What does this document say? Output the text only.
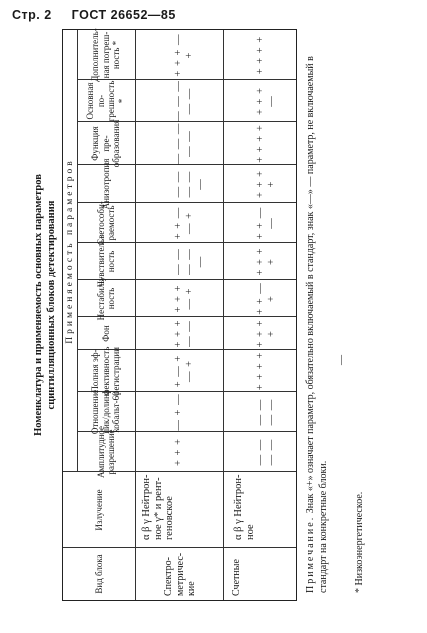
Стр. 2 ГОСТ 26652—85
Номенклатура и применяемость основных параметров сцинтилляционных блоков детектирования
Вид блока
Излучение
Применяемость параметров
Амплитудное разрешение
Отношение пик/долина кобальт-60
Полная эф- фективность регистрации
Фон
Нестабиль- ность
Чувствитель- ность
Светособи- раемость
Анизотропия
Функция пре- образования
Основная по- грешность *
Дополнитель- ная погреш- ность *
Спектро- метричес- кие
α β γ Нейтрон- ное γ* и рент- геновское
+ + +
— + —
+ — + — +
+ + + — —
+ + + — +
— — — — —
+ + — — +
— — — — —
— — — — —
— — — — —
+ + + — +
Счетные
α β γ Нейтрон- ное
— — — —
— — — —
+ + + +
+ + + +
+ + — +
+ + + +
+ + — —
+ + + +
+ + + +
+ + + —
+ + + +
Примечание. Знак «+» означает параметр, обязательно включаемый в стандарт, знак «—» — параметр, не включаемый в стандарт на конкретные блоки.
—
* Низкоэнергетическое.
